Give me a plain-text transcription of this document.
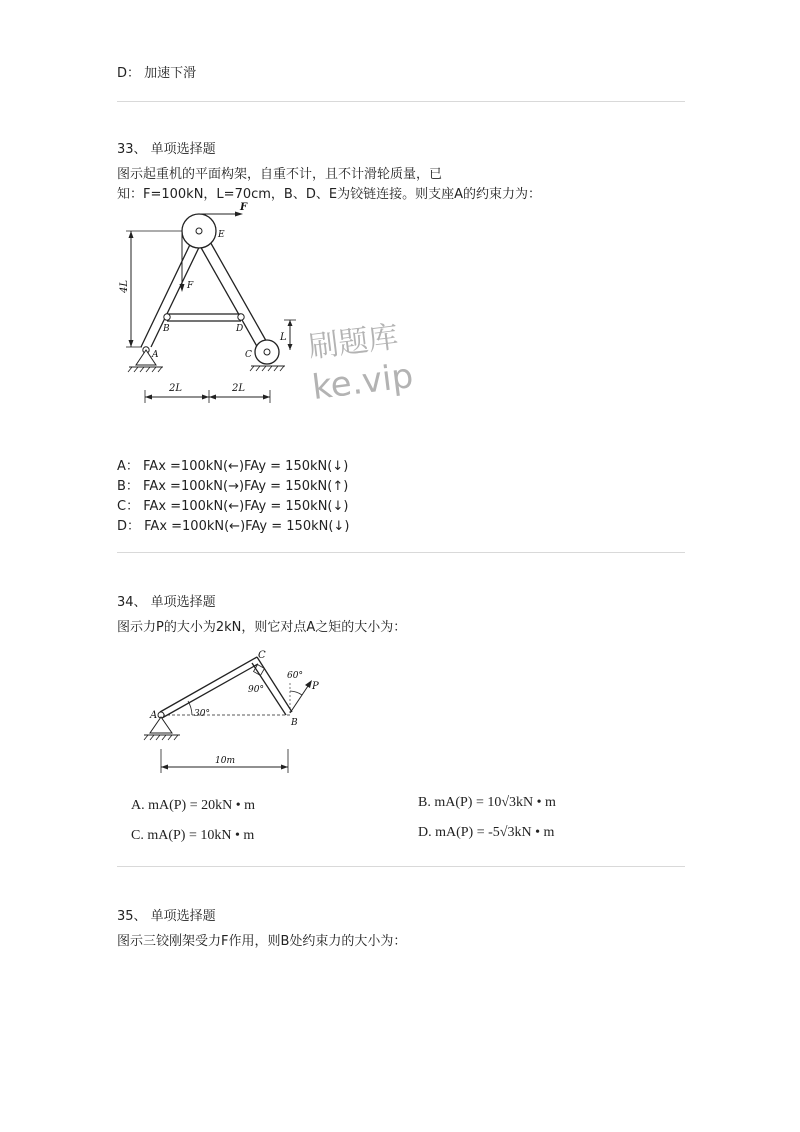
D： 加速下滑
33、 单项选择题
图示起重机的平面构架，自重不计，且不计滑轮质量，已
知：F=100kN，L=70cm，B、D、E为铰链连接。则支座A的约束力为：
4L
L
B	D
F
F
E
A	C
2L	2L
刷题库
ke.vip
A： FAx =100kN(←)FAy = 150kN(↓)
B： FAx =100kN(→)FAy = 150kN(↑)
C： FAx =100kN(←)FAy = 150kN(↓)
D： FAx =100kN(←)FAy = 150kN(↓)
34、 单项选择题
图示力P的大小为2kN，则它对点A之矩的大小为：
C
90°
30°
60°
P
B
A
10m
A. mA(P) = 20kN • m	B. mA(P) = 10√3kN • m
C. mA(P) = 10kN • m	D. mA(P) = -5√3kN • m
35、 单项选择题
图示三铰刚架受力F作用，则B处约束力的大小为：
